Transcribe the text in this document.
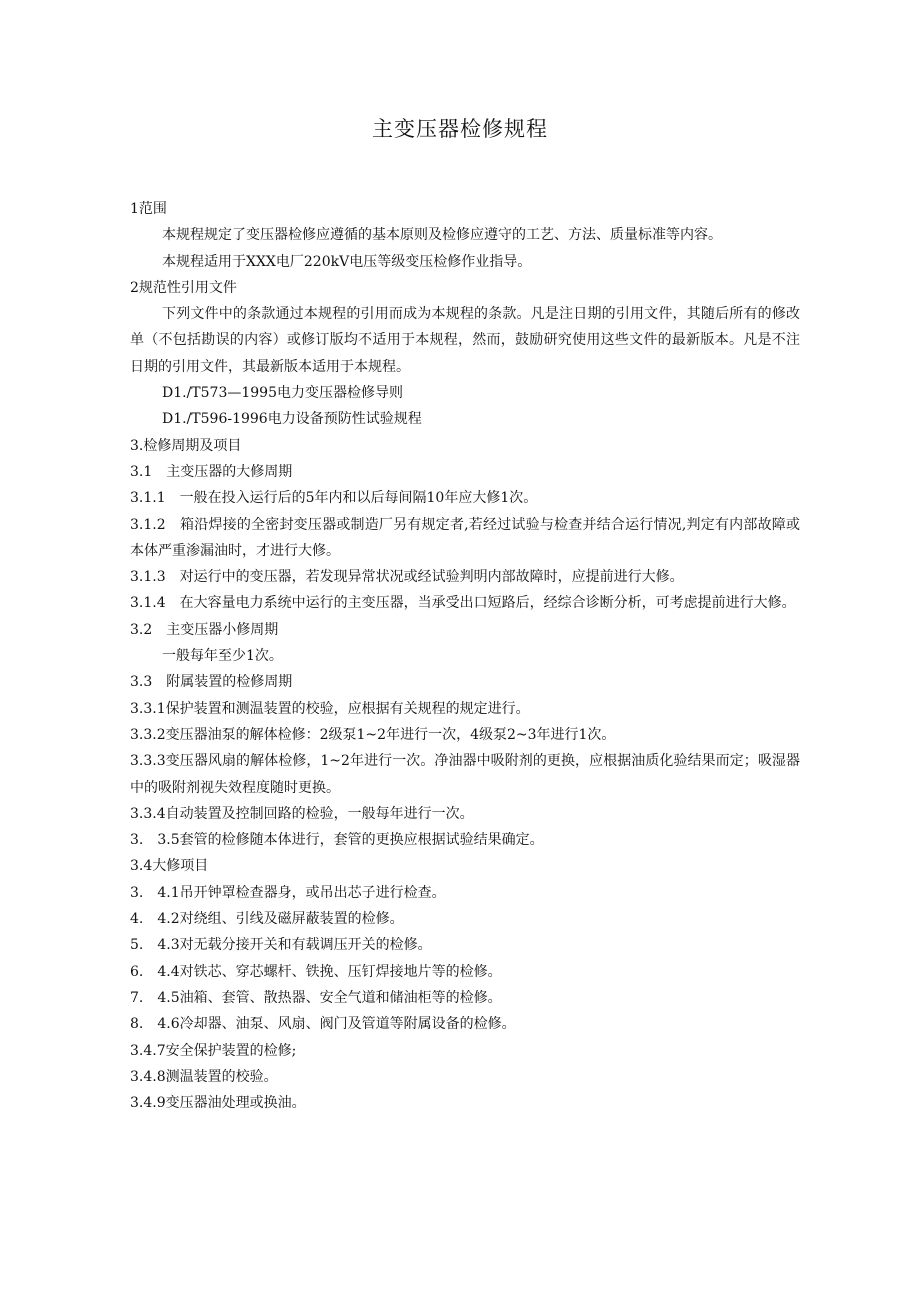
主变压器检修规程
1范围
本规程规定了变压器检修应遵循的基本原则及检修应遵守的工艺、方法、质量标准等内容。
本规程适用于XXX电厂220kV电压等级变压检修作业指导。
2规范性引用文件
下列文件中的条款通过本规程的引用而成为本规程的条款。凡是注日期的引用文件，其随后所有的修改单（不包括勘误的内容）或修订版均不适用于本规程，然而，鼓励研究使用这些文件的最新版本。凡是不注日期的引用文件，其最新版本适用于本规程。
D1./T573—1995电力变压器检修导则
D1./T596-1996电力设备预防性试验规程
3.检修周期及项目
3.1　主变压器的大修周期
3.1.1　一般在投入运行后的5年内和以后每间隔10年应大修1次。
3.1.2　箱沿焊接的全密封变压器或制造厂另有规定者,若经过试验与检查并结合运行情况,判定有内部故障或本体严重渗漏油时，才进行大修。
3.1.3　对运行中的变压器，若发现异常状况或经试验判明内部故障时，应提前进行大修。
3.1.4　在大容量电力系统中运行的主变压器，当承受出口短路后，经综合诊断分析，可考虑提前进行大修。
3.2　主变压器小修周期
一般每年至少1次。
3.3　附属装置的检修周期
3.3.1保护装置和测温装置的校验，应根据有关规程的规定进行。
3.3.2变压器油泵的解体检修：2级泵1~2年进行一次，4级泵2~3年进行1次。
3.3.3变压器风扇的解体检修，1~2年进行一次。净油器中吸附剂的更换，应根据油质化验结果而定；吸湿器中的吸附剂视失效程度随时更换。
3.3.4自动装置及控制回路的检验，一般每年进行一次。
3.　3.5套管的检修随本体进行，套管的更换应根据试验结果确定。
3.4大修项目
3.　4.1吊开钟罩检查器身，或吊出芯子进行检查。
4.　4.2对绕组、引线及磁屏蔽装置的检修。
5.　4.3对无载分接开关和有载调压开关的检修。
6.　4.4对铁芯、穿芯螺杆、铁挽、压钉焊接地片等的检修。
7.　4.5油箱、套管、散热器、安全气道和储油柜等的检修。
8.　4.6冷却器、油泵、风扇、阀门及管道等附属设备的检修。
3.4.7安全保护装置的检修;
3.4.8测温装置的校验。
3.4.9变压器油处理或换油。
